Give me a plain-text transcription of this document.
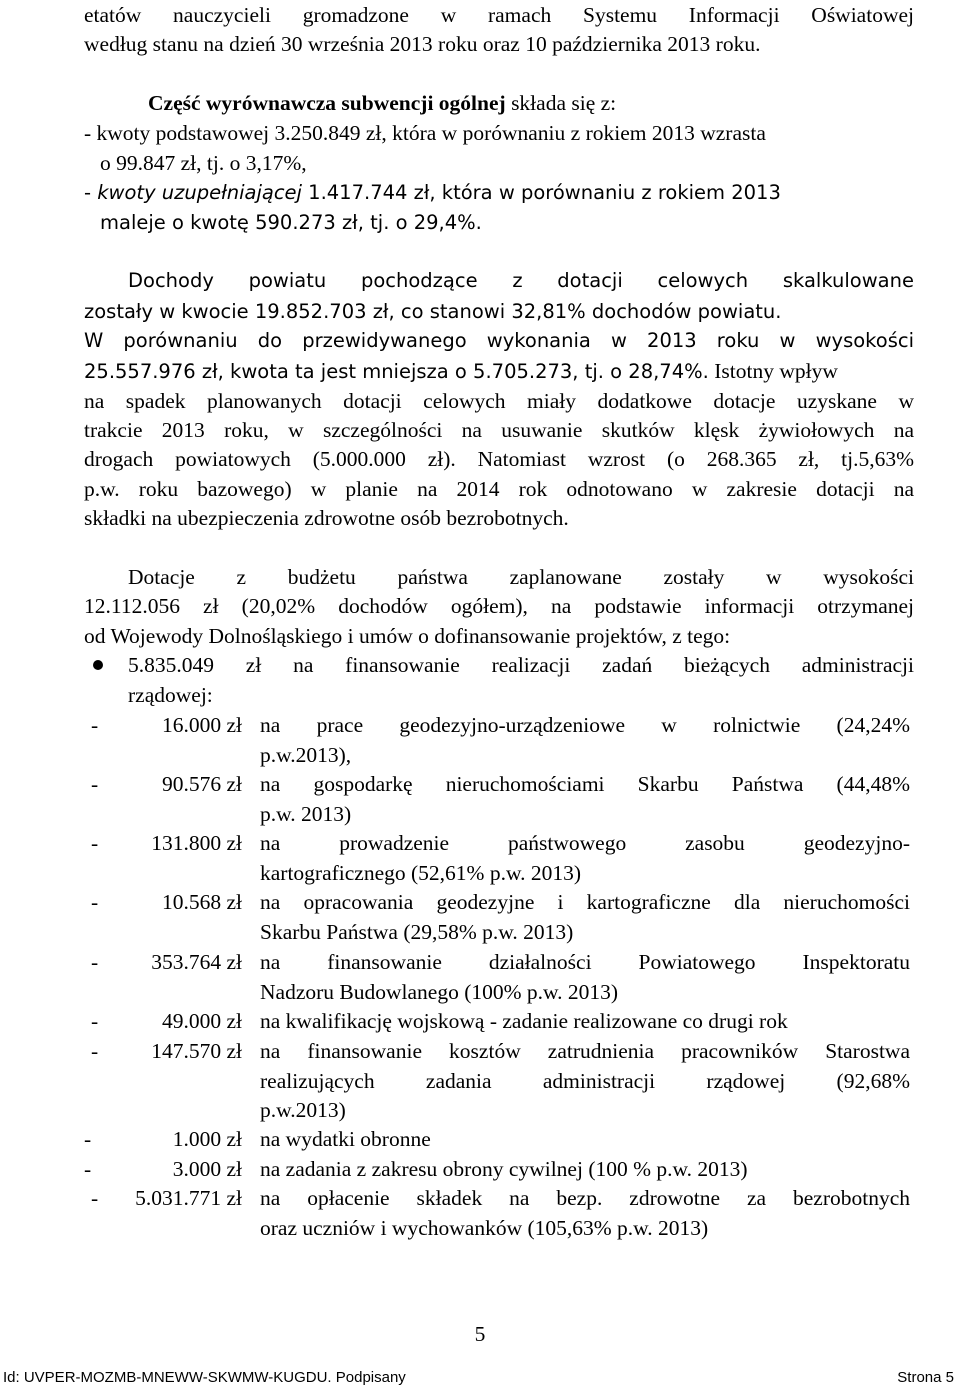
etatów nauczycieli gromadzone w ramach Systemu Informacji Oświatowej
według stanu na dzień 30 września 2013 roku oraz 10 października 2013 roku.
Część wyrównawcza subwencji ogólnej składa się z:
- kwoty podstawowej 3.250.849 zł, która w porównaniu z rokiem 2013 wzrasta
o 99.847 zł, tj. o 3,17%,
- kwoty uzupełniającej 1.417.744 zł, która w porównaniu z rokiem 2013
maleje o kwotę 590.273 zł, tj. o 29,4%.
Dochody powiatu pochodzące z dotacji celowych skalkulowane
zostały w kwocie 19.852.703 zł, co stanowi 32,81% dochodów powiatu.
W porównaniu do przewidywanego wykonania w 2013 roku w wysokości
25.557.976 zł, kwota ta jest mniejsza o 5.705.273, tj. o 28,74%. Istotny wpływ
na spadek planowanych dotacji celowych miały dodatkowe dotacje uzyskane w
trakcie 2013 roku, w szczególności na usuwanie skutków klęsk żywiołowych na
drogach powiatowych (5.000.000 zł). Natomiast wzrost (o 268.365 zł, tj.5,63%
p.w. roku bazowego) w planie na 2014 rok odnotowano w zakresie dotacji na
składki na ubezpieczenia zdrowotne osób bezrobotnych.
Dotacje z budżetu państwa zaplanowane zostały w wysokości
12.112.056 zł (20,02% dochodów ogółem), na podstawie informacji otrzymanej
od Wojewody Dolnośląskiego i umów o dofinansowanie projektów, z tego:
5.835.049 zł na finansowanie realizacji zadań bieżących administracji
rządowej:
-	16.000 zł na prace geodezyjno-urządzeniowe w rolnictwie (24,24%
p.w.2013),
-	90.576 zł na gospodarkę nieruchomościami Skarbu Państwa (44,48%
p.w. 2013)
-	131.800 zł na prowadzenie państwowego zasobu geodezyjno-
kartograficznego (52,61% p.w. 2013)
-	10.568 zł na opracowania geodezyjne i kartograficzne dla nieruchomości
Skarbu Państwa (29,58% p.w. 2013)
-	353.764 zł na finansowanie działalności Powiatowego Inspektoratu
Nadzoru Budowlanego (100% p.w. 2013)
-	49.000 zł na kwalifikację wojskową - zadanie realizowane co drugi rok
-	147.570 zł na finansowanie kosztów zatrudnienia pracowników Starostwa
realizujących zadania administracji rządowej (92,68%
p.w.2013)
-	1.000 zł na wydatki obronne
-	3.000 zł na zadania z zakresu obrony cywilnej (100 % p.w. 2013)
-	5.031.771 zł na opłacenie składek na bezp. zdrowotne za bezrobotnych
oraz uczniów i wychowanków (105,63% p.w. 2013)
5
Id: UVPER-MOZMB-MNEWW-SKWMW-KUGDU. Podpisany	Strona 5
